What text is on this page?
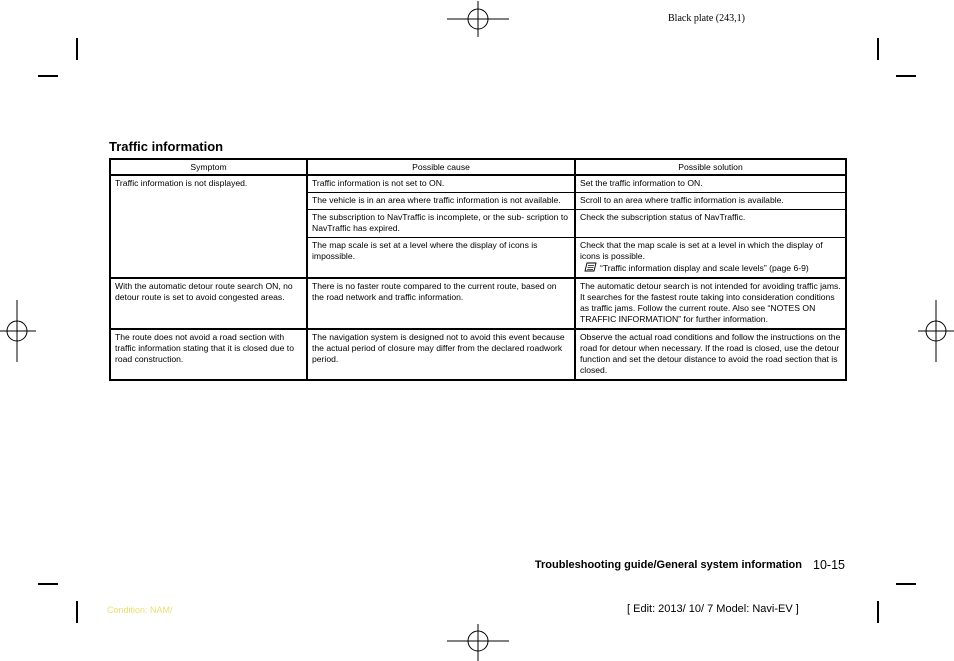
Black plate (243,1)
Traffic information
Symptom	Possible cause	Possible solution
Traffic information is not displayed.	Traffic information is not set to ON.	Set the traffic information to ON.
	The vehicle is in an area where traffic information is not available.	Scroll to an area where traffic information is available.
	The subscription to NavTraffic is incomplete, or the sub- scription to NavTraffic has expired.	Check the subscription status of NavTraffic.
	The map scale is set at a level where the display of icons is impossible.	Check that the map scale is set at a level in which the display of icons is possible.
“Traffic information display and scale levels” (page 6-9)

With the automatic detour route search ON, no detour route is set to avoid congested areas.	There is no faster route compared to the current route, based on the road network and traffic information.	The automatic detour search is not intended for avoiding traffic jams. It searches for the fastest route taking into consideration conditions as traffic jams. Follow the current route. Also see “NOTES ON TRAFFIC INFORMATION” for further information.
The route does not avoid a road section with traffic information stating that it is closed due to road construction.	The navigation system is designed not to avoid this event because the actual period of closure may differ from the declared roadwork period.	Observe the actual road conditions and follow the instructions on the road for detour when necessary. If the road is closed, use the detour function and set the detour distance to avoid the road section that is closed.
Troubleshooting guide/General system information 10-15
Condition: NAM/	[ Edit: 2013/ 10/ 7 Model: Navi-EV ]
